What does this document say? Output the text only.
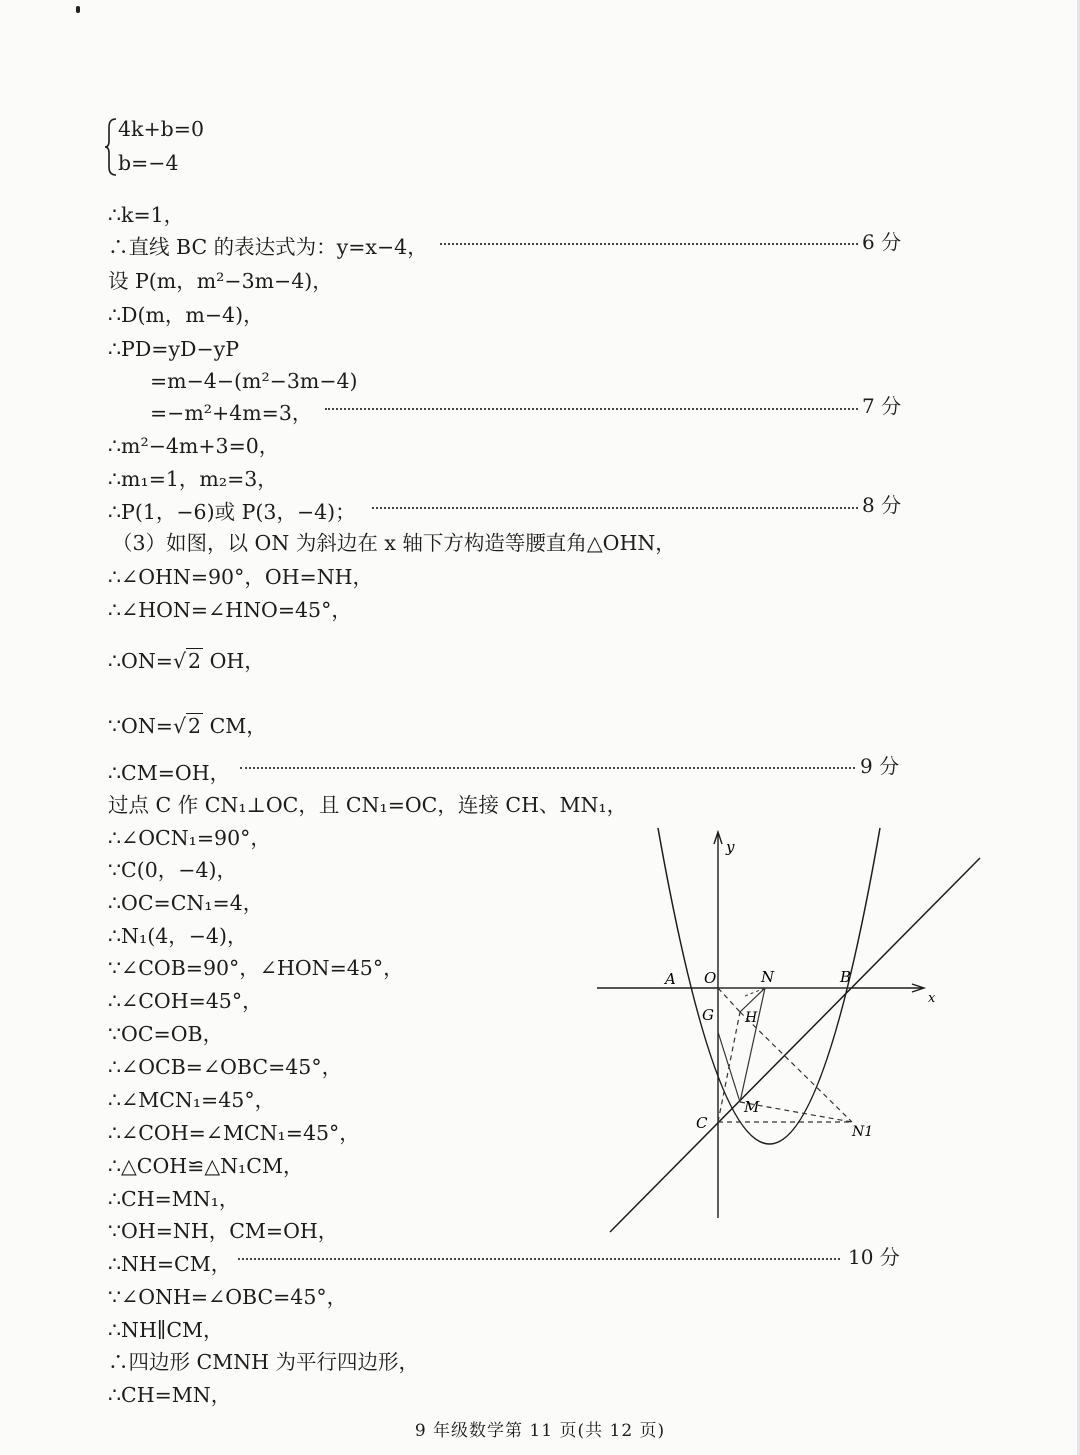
4k+b=0
b=−4
∴k=1，
∴直线 BC 的表达式为：y=x−4，	6 分
设 P(m，m²−3m−4)，
∴D(m，m−4)，
∴PD=yD−yP
=m−4−(m²−3m−4)
=−m²+4m=3，	7 分
∴m²−4m+3=0，
∴m₁=1，m₂=3，
∴P(1，−6)或 P(3，−4)；	8 分
（3）如图，以 ON 为斜边在 x 轴下方构造等腰直角△OHN，
∴∠OHN=90°，OH=NH，
∴∠HON=∠HNO=45°，
∴ON=√2 OH，
∵ON=√2 CM，
∴CM=OH，	9 分
过点 C 作 CN₁⊥OC，且 CN₁=OC，连接 CH、MN₁，
∴∠OCN₁=90°，
∵C(0，−4)，
∴OC=CN₁=4，
∴N₁(4，−4)，
∵∠COB=90°，∠HON=45°，
∴∠COH=45°，
∵OC=OB，
∴∠OCB=∠OBC=45°，
∴∠MCN₁=45°，
∴∠COH=∠MCN₁=45°，
∴△COH≌△N₁CM，
∴CH=MN₁，
∵OH=NH，CM=OH，
∴NH=CM，	10 分
∵∠ONH=∠OBC=45°，
∴NH∥CM，
∴四边形 CMNH 为平行四边形，
∴CH=MN，
y
x
A O	N	B
G H
M
C	N1
9 年级数学第 11 页(共 12 页)
